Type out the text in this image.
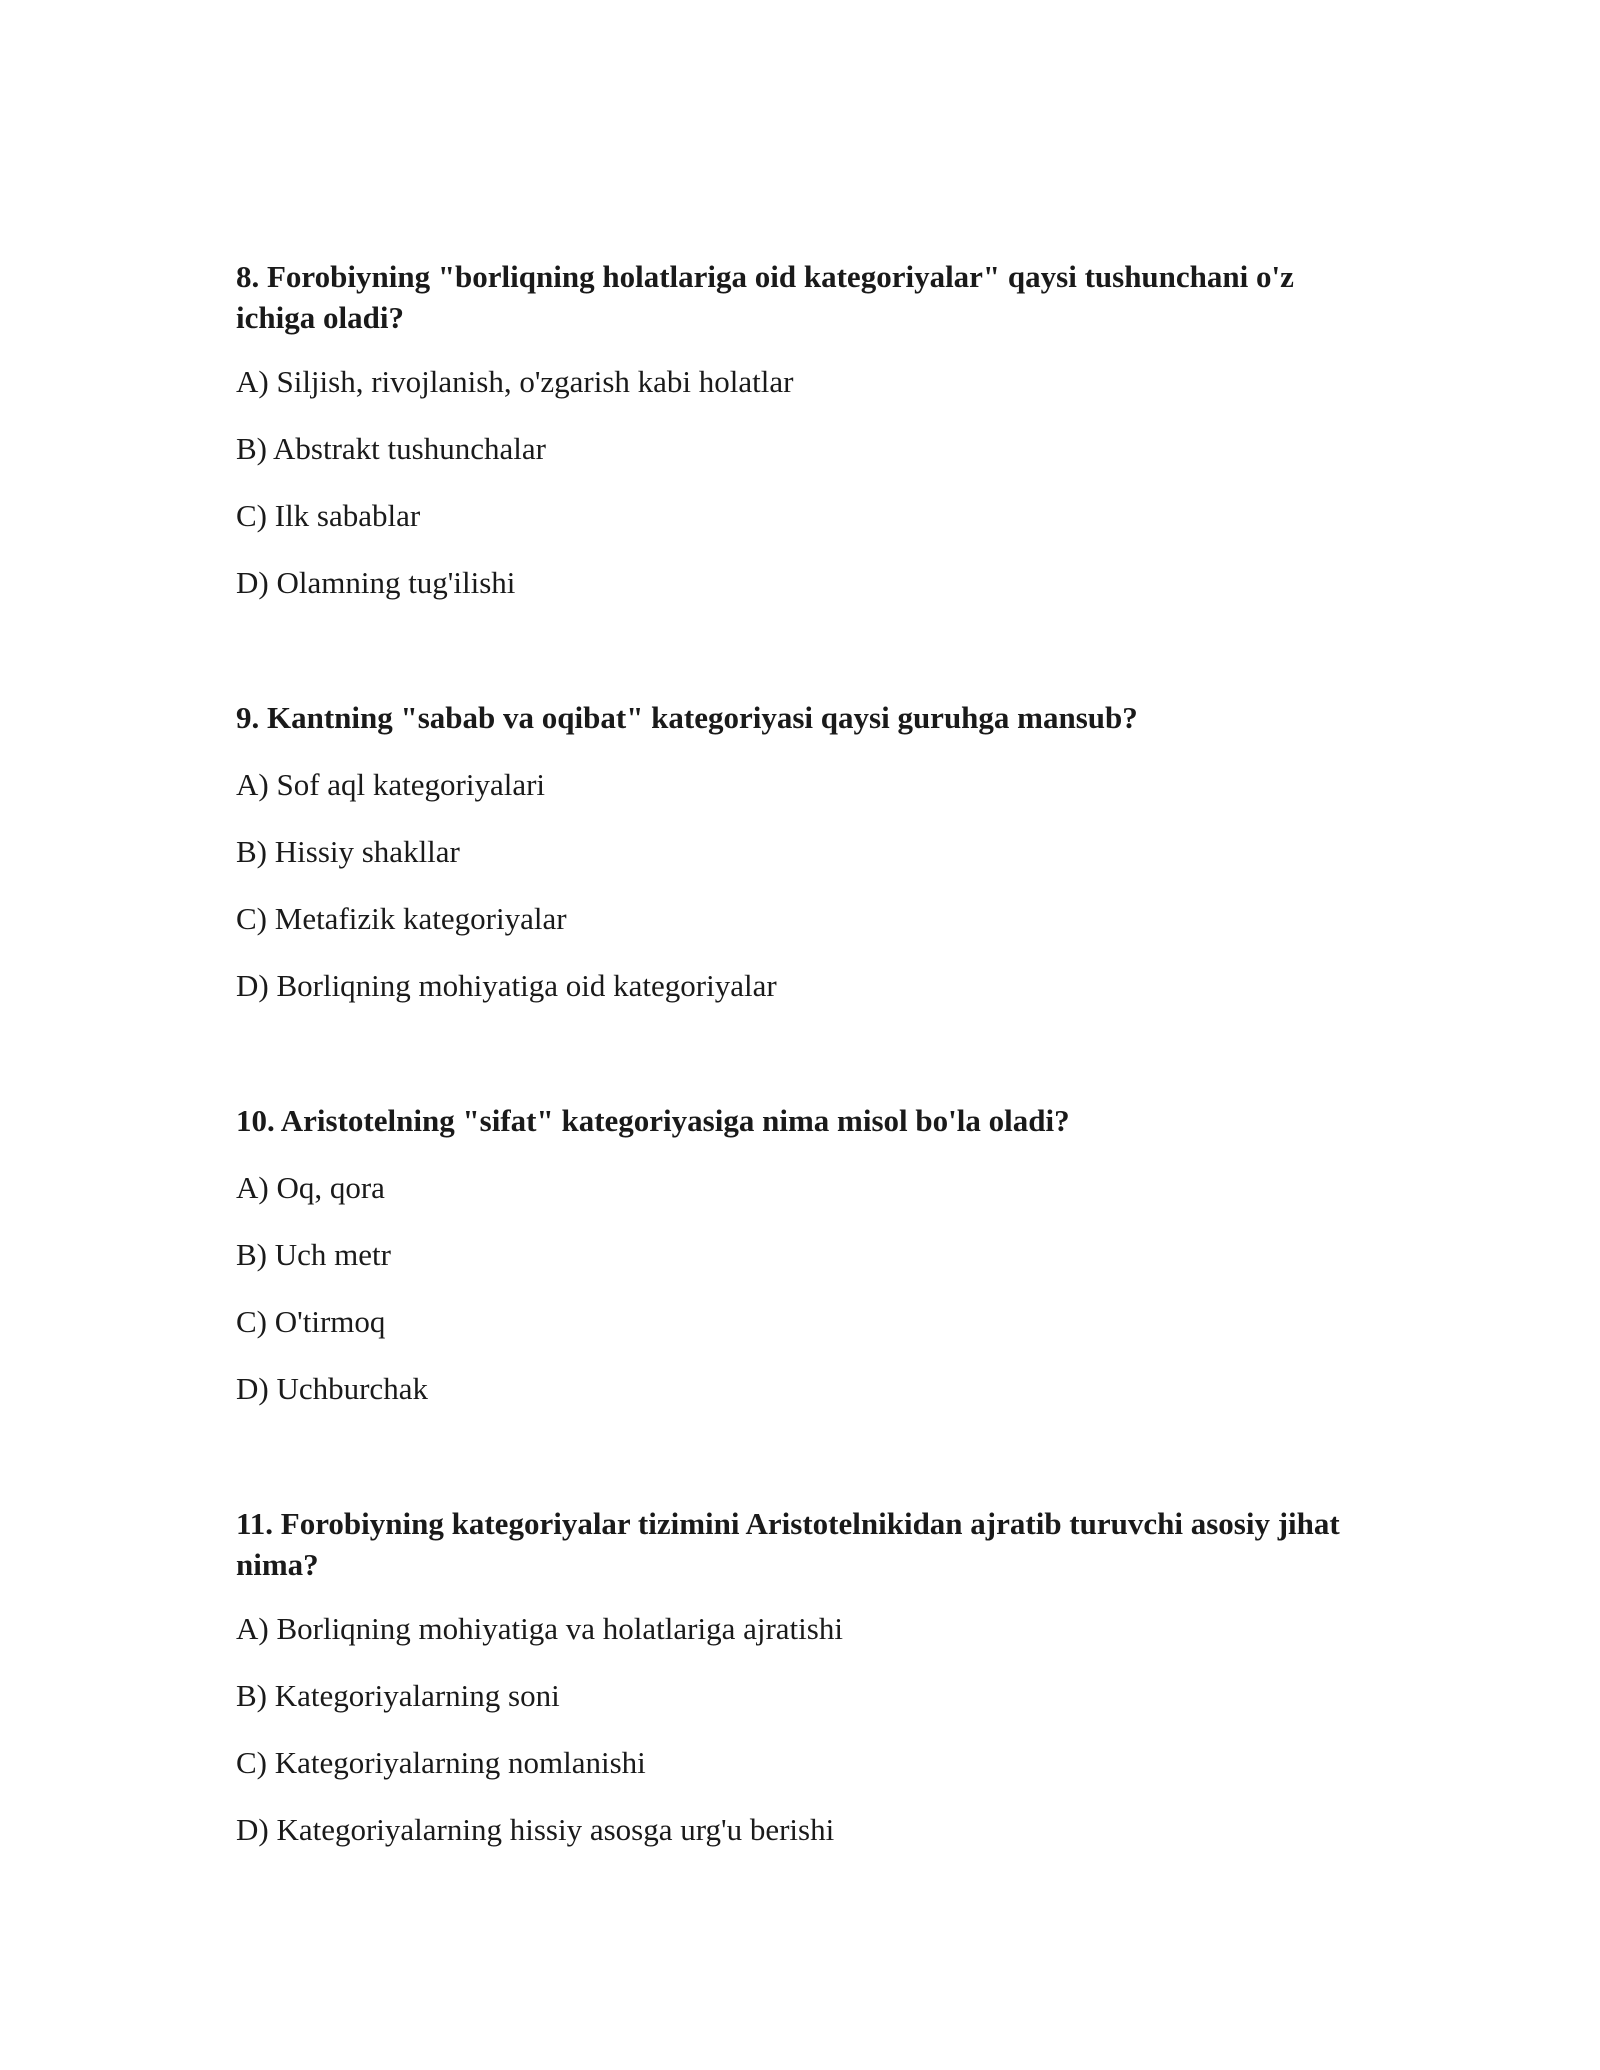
8. Forobiyning "borliqning holatlariga oid kategoriyalar" qaysi tushunchani o'z ichiga oladi?

A) Siljish, rivojlanish, o'zgarish kabi holatlar

B) Abstrakt tushunchalar

C) Ilk sabablar

D) Olamning tug'ilishi

9. Kantning "sabab va oqibat" kategoriyasi qaysi guruhga mansub?

A) Sof aql kategoriyalari

B) Hissiy shakllar

C) Metafizik kategoriyalar

D) Borliqning mohiyatiga oid kategoriyalar

10. Aristotelning "sifat" kategoriyasiga nima misol bo'la oladi?

A) Oq, qora

B) Uch metr

C) O'tirmoq

D) Uchburchak

11. Forobiyning kategoriyalar tizimini Aristotelnikidan ajratib turuvchi asosiy jihat nima?

A) Borliqning mohiyatiga va holatlariga ajratishi

B) Kategoriyalarning soni

C) Kategoriyalarning nomlanishi

D) Kategoriyalarning hissiy asosga urg'u berishi
